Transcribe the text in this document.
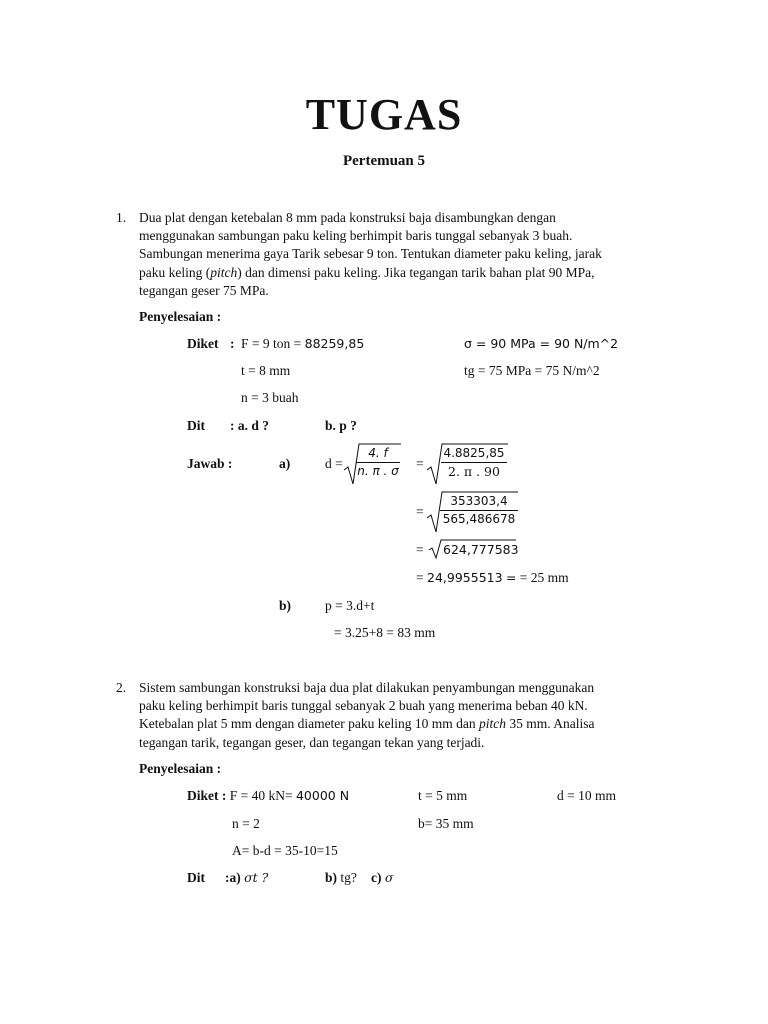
TUGAS
Pertemuan 5
1. Dua plat dengan ketebalan 8 mm pada konstruksi baja disambungkan dengan
menggunakan sambungan paku keling berhimpit baris tunggal sebanyak 3 buah.
Sambungan menerima gaya Tarik sebesar 9 ton. Tentukan diameter paku keling, jarak
paku keling (pitch) dan dimensi paku keling. Jika tegangan tarik bahan plat 90 MPa,
tegangan geser 75 MPa.
Penyelesaian :
Diket : F = 9 ton = 88259,85	σ = 90 MPa = 90 N/m^2
t = 8 mm	tg = 75 MPa = 75 N/m^2
n = 3 buah
Dit : a. d ?	b. p ?
Jawab :	a)	d =
4. f
n. π . σ =
4.8825,85
2. π . 90
=
353303,4
565,486678
= 624,777583
= 24,9955513 = = 25 mm
b)	p = 3.d+t
= 3.25+8 = 83 mm
2. Sistem sambungan konstruksi baja dua plat dilakukan penyambungan menggunakan
paku keling berhimpit baris tunggal sebanyak 2 buah yang menerima beban 40 kN.
Ketebalan plat 5 mm dengan diameter paku keling 10 mm dan pitch 35 mm. Analisa
tegangan tarik, tegangan geser, dan tegangan tekan yang terjadi.
Penyelesaian :
Diket : F = 40 kN= 40000 N	t = 5 mm	d = 10 mm
n = 2	b= 35 mm
A= b-d = 35-10=15
Dit :a) σt ?	b) tg? c) σ
